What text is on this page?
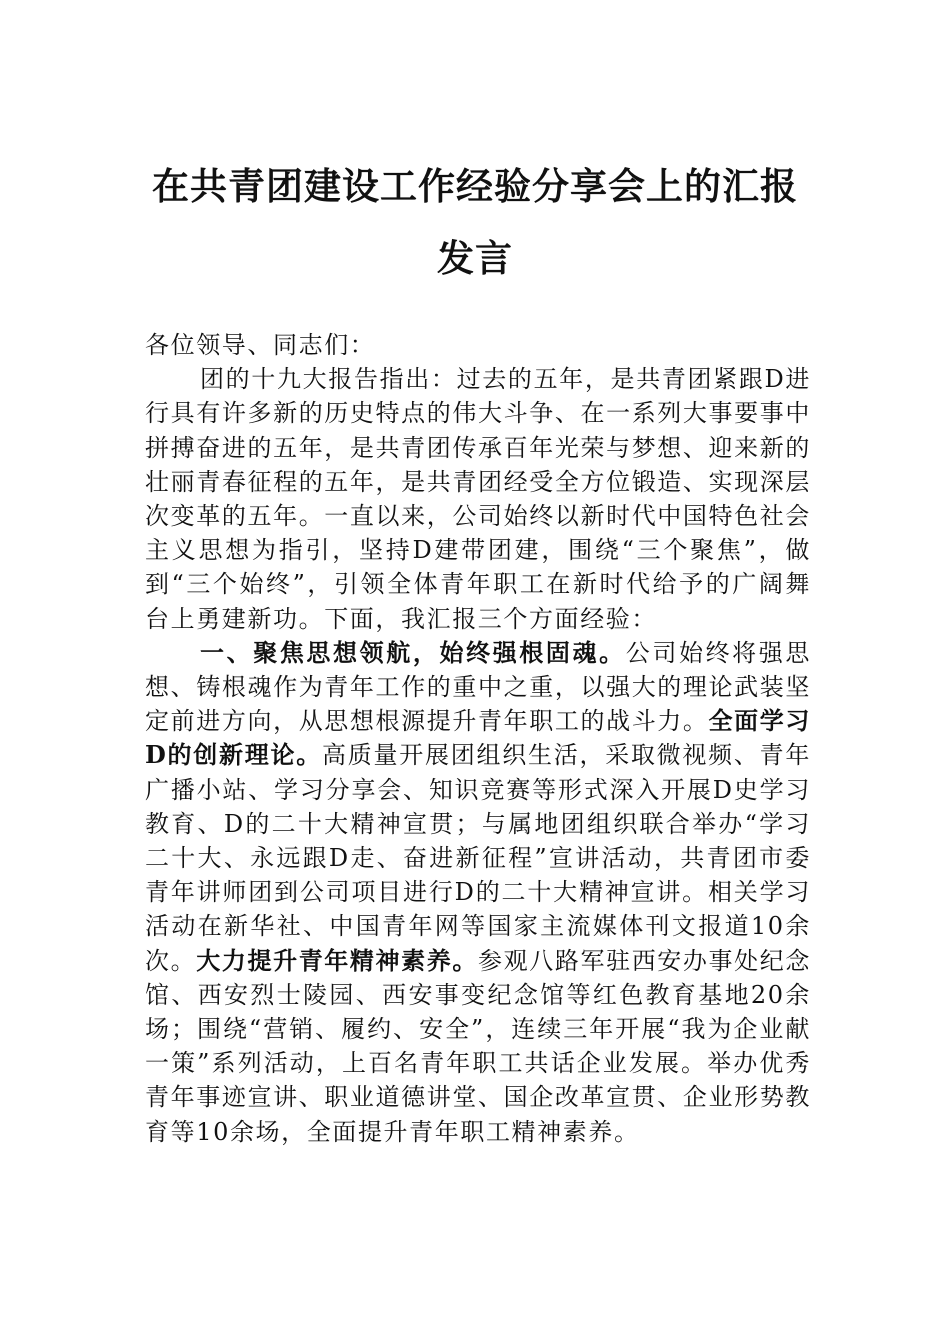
在共青团建设工作经验分享会上的汇报发言

各位领导、同志们：

团的十九大报告指出：过去的五年，是共青团紧跟D进行具有许多新的历史特点的伟大斗争、在一系列大事要事中拼搏奋进的五年，是共青团传承百年光荣与梦想、迎来新的壮丽青春征程的五年，是共青团经受全方位锻造、实现深层次变革的五年。一直以来，公司始终以新时代中国特色社会主义思想为指引，坚持D建带团建，围绕“三个聚焦”，做到“三个始终”，引领全体青年职工在新时代给予的广阔舞台上勇建新功。下面，我汇报三个方面经验：

一、聚焦思想领航，始终强根固魂。公司始终将强思想、铸根魂作为青年工作的重中之重，以强大的理论武装坚定前进方向，从思想根源提升青年职工的战斗力。全面学习D的创新理论。高质量开展团组织生活，采取微视频、青年广播小站、学习分享会、知识竞赛等形式深入开展D史学习教育、D的二十大精神宣贯；与属地团组织联合举办“学习二十大、永远跟D走、奋进新征程”宣讲活动，共青团市委青年讲师团到公司项目进行D的二十大精神宣讲。相关学习活动在新华社、中国青年网等国家主流媒体刊文报道10余次。大力提升青年精神素养。参观八路军驻西安办事处纪念馆、西安烈士陵园、西安事变纪念馆等红色教育基地20余场；围绕“营销、履约、安全”，连续三年开展“我为企业献一策”系列活动，上百名青年职工共话企业发展。举办优秀青年事迹宣讲、职业道德讲堂、国企改革宣贯、企业形势教育等10余场，全面提升青年职工精神素养。
